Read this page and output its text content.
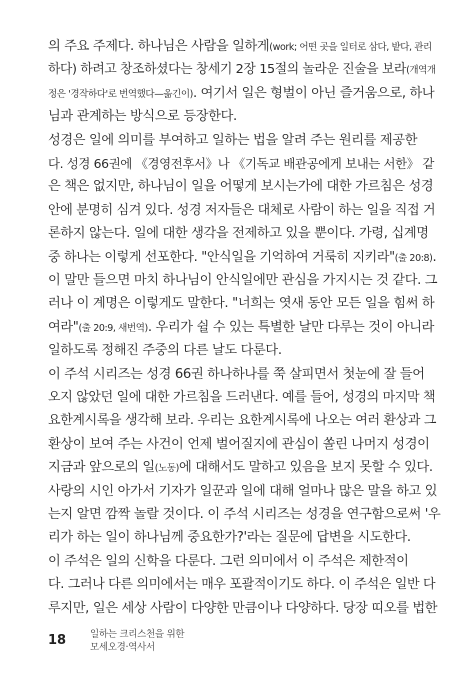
의 주요 주제다. 하나님은 사람을 일하게(work; 어떤 곳을 일터로 삼다, 밭다, 관리
하다) 하려고 창조하셨다는 창세기 2장 15절의 놀라운 진술을 보라(개역개
정은 '경작하다'로 번역했다—옮긴이). 여기서 일은 형벌이 아닌 즐거움으로, 하나
님과 관계하는 방식으로 등장한다.
성경은 일에 의미를 부여하고 일하는 법을 알려 주는 원리를 제공한
다. 성경 66권에 《경영전후서》나 《기독교 배관공에게 보내는 서한》 같
은 책은 없지만, 하나님이 일을 어떻게 보시는가에 대한 가르침은 성경
안에 분명히 심겨 있다. 성경 저자들은 대체로 사람이 하는 일을 직접 거
론하지 않는다. 일에 대한 생각을 전제하고 있을 뿐이다. 가령, 십계명
중 하나는 이렇게 선포한다. "안식일을 기억하여 거룩히 지키라"(출 20:8).
이 말만 들으면 마치 하나님이 안식일에만 관심을 가지시는 것 같다. 그
러나 이 계명은 이렇게도 말한다. "너희는 엿새 동안 모든 일을 힘써 하
여라"(출 20:9, 새번역). 우리가 쉴 수 있는 특별한 날만 다루는 것이 아니라
일하도록 정해진 주중의 다른 날도 다룬다.
이 주석 시리즈는 성경 66권 하나하나를 쭉 살피면서 첫눈에 잘 들어
오지 않았던 일에 대한 가르침을 드러낸다. 예를 들어, 성경의 마지막 책
요한계시록을 생각해 보라. 우리는 요한계시록에 나오는 여러 환상과 그
환상이 보여 주는 사건이 언제 벌어질지에 관심이 쏠린 나머지 성경이
지금과 앞으로의 일(노동)에 대해서도 말하고 있음을 보지 못할 수 있다.
사랑의 시인 아가서 기자가 일꾼과 일에 대해 얼마나 많은 말을 하고 있
는지 알면 깜짝 놀랄 것이다. 이 주석 시리즈는 성경을 연구함으로써 '우
리가 하는 일이 하나님께 중요한가?'라는 질문에 답변을 시도한다.
이 주석은 일의 신학을 다룬다. 그런 의미에서 이 주석은 제한적이
다. 그러나 다른 의미에서는 매우 포괄적이기도 하다. 이 주석은 일반 다
루지만, 일은 세상 사람이 다양한 만큼이나 다양하다. 당장 띠오를 법한
18	일하는 크리스천을 위한
모세오경·역사서
